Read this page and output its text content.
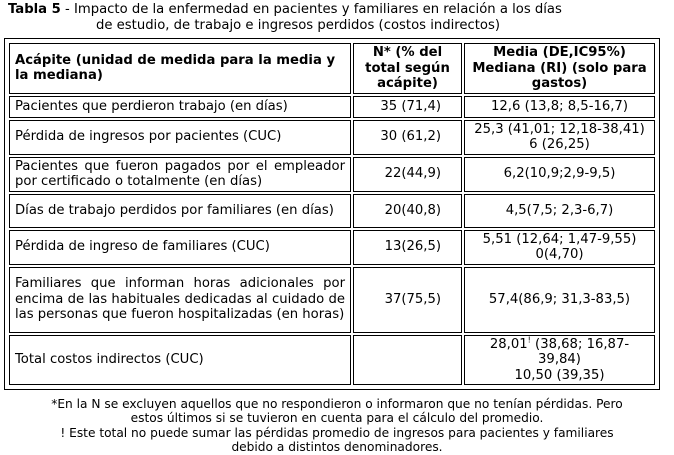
Tabla 5 - Impacto de la enfermedad en pacientes y familiares en relación a los días
de estudio, de trabajo e ingresos perdidos (costos indirectos)
Acápite (unidad de medida para la media y la mediana)	N* (% del total según acápite)	Media (DE,IC95%)
Mediana (RI) (solo para gastos)

Pacientes que perdieron trabajo (en días)	35 (71,4)	12,6 (13,8; 8,5-16,7)

Pérdida de ingresos por pacientes (CUC)	30 (61,2)	25,3 (41,01; 12,18-38,41)
6 (26,25)

Pacientes que fueron pagados por el empleador por certificado o totalmente (en días)	22(44,9)	6,2(10,9;2,9-9,5)

Días de trabajo perdidos por familiares (en días)	20(40,8)	4,5(7,5; 2,3-6,7)

Pérdida de ingreso de familiares (CUC)	13(26,5)	5,51 (12,64; 1,47-9,55)
0(4,70)

Familiares que informan horas adicionales por encima de las habituales dedicadas al cuidado de las personas que fueron hospitalizadas (en horas)	37(75,5)	57,4(86,9; 31,3-83,5)

Total costos indirectos (CUC)		28,01! (38,68; 16,87-39,84)
10,50 (39,35)
*En la N se excluyen aquellos que no respondieron o informaron que no tenían pérdidas. Pero
estos últimos si se tuvieron en cuenta para el cálculo del promedio.
! Este total no puede sumar las pérdidas promedio de ingresos para pacientes y familiares
debido a distintos denominadores.
